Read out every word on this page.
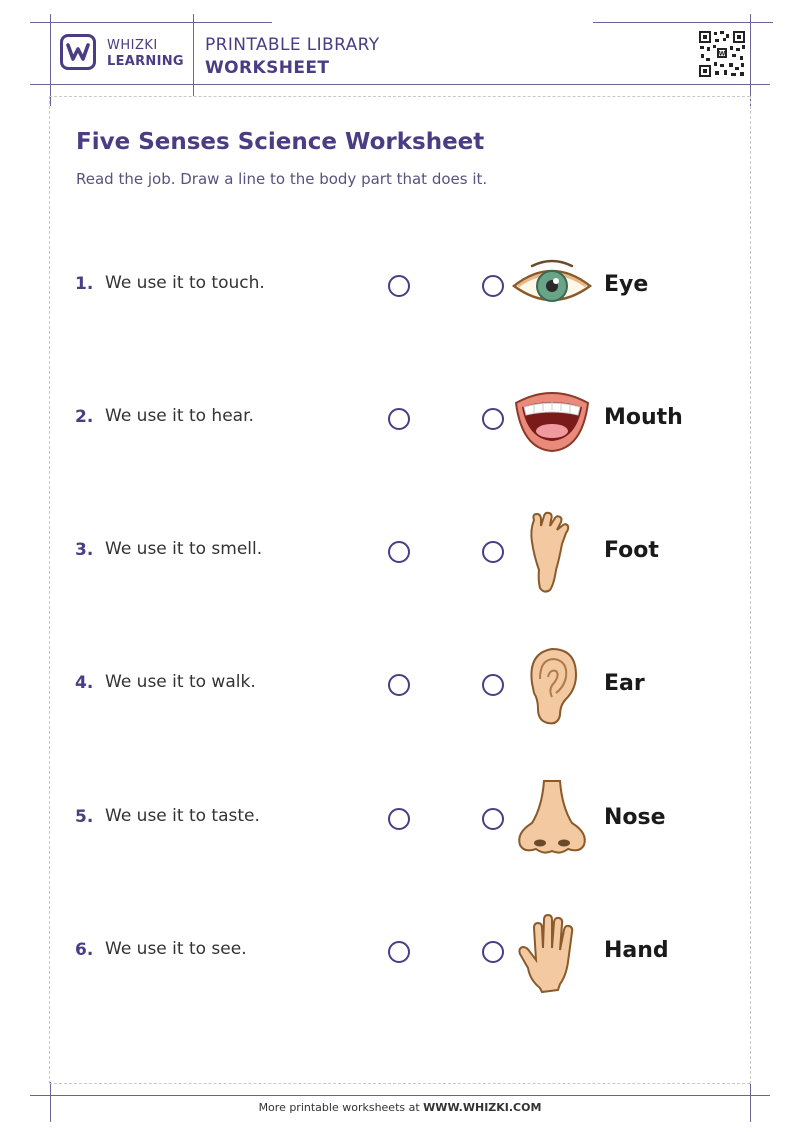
WHIZKI
LEARNING
PRINTABLE LIBRARY
WORKSHEET
W
Five Senses Science Worksheet
Read the job. Draw a line to the body part that does it.
1. We use it to touch.	Eye
2. We use it to hear.	Mouth
3. We use it to smell.	Foot
4. We use it to walk.	Ear
5. We use it to taste.	Nose
6. We use it to see.	Hand
More printable worksheets at WWW.WHIZKI.COM
